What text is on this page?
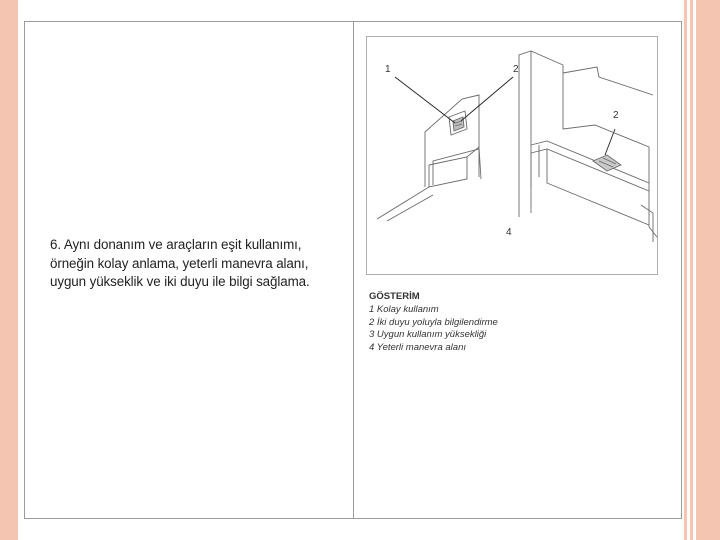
6. Aynı donanım ve araçların eşit kullanımı,
örneğin kolay anlama, yeterli manevra alanı,
uygun yükseklik ve iki duyu ile bilgi sağlama.

1	2
2
4
GÖSTERİM
1 Kolay kullanım
2 İki duyu yoluyla bilgilendirme
3 Uygun kullanım yüksekliği
4 Yeterli manevra alanı
